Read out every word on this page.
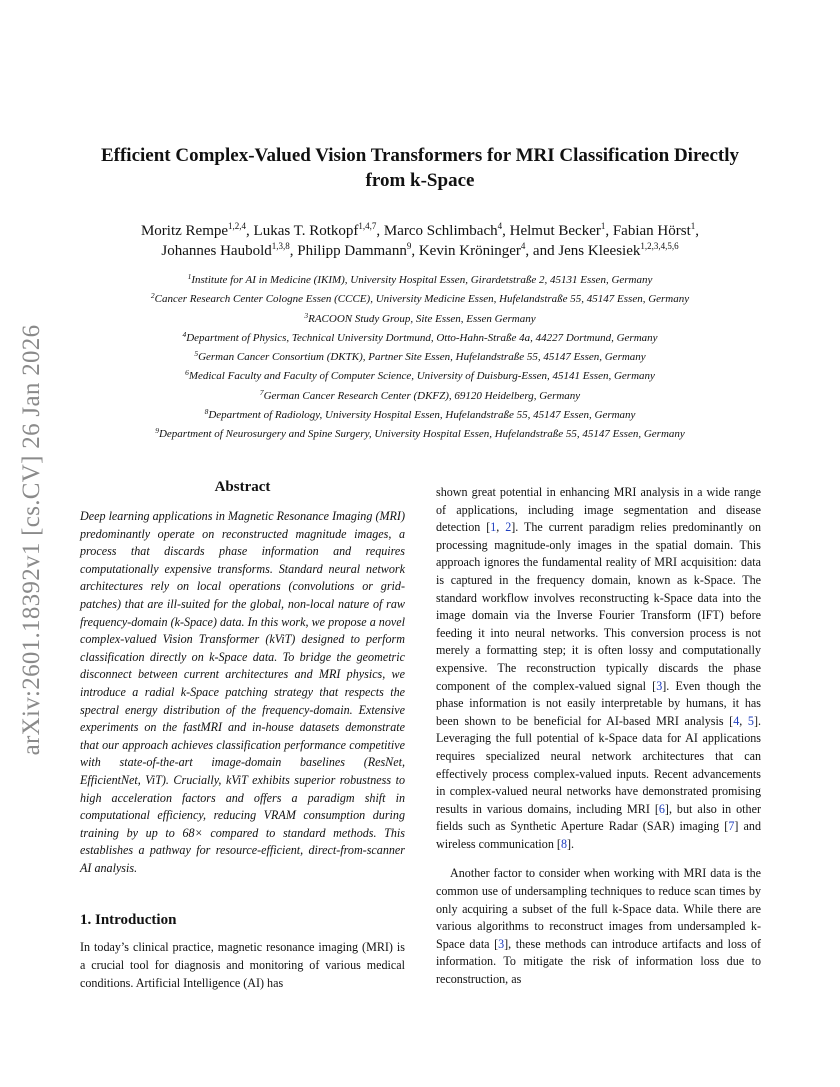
arXiv:2601.18392v1 [cs.CV] 26 Jan 2026
Efficient Complex-Valued Vision Transformers for MRI Classification Directly
from k-Space
Moritz Rempe$^{1,2,4}$, Lukas T. Rotkopf$^{1,4,7}$, Marco Schlimbach$^4$, Helmut Becker$^1$, Fabian Hörst$^1$,
Johannes Haubold$^{1,3,8}$, Philipp Dammann$^9$, Kevin Kröninger$^4$, and Jens Kleesiek$^{1,2,3,4,5,6}$
$^1$Institute for AI in Medicine (IKIM), University Hospital Essen, Girardetstraße 2, 45131 Essen, Germany
$^2$Cancer Research Center Cologne Essen (CCCE), University Medicine Essen, Hufelandstraße 55, 45147 Essen, Germany
$^3$RACOON Study Group, Site Essen, Essen Germany
$^4$Department of Physics, Technical University Dortmund, Otto-Hahn-Straße 4a, 44227 Dortmund, Germany
$^5$German Cancer Consortium (DKTK), Partner Site Essen, Hufelandstraße 55, 45147 Essen, Germany
$^6$Medical Faculty and Faculty of Computer Science, University of Duisburg-Essen, 45141 Essen, Germany
$^7$German Cancer Research Center (DKFZ), 69120 Heidelberg, Germany
$^8$Department of Radiology, University Hospital Essen, Hufelandstraße 55, 45147 Essen, Germany
$^9$Department of Neurosurgery and Spine Surgery, University Hospital Essen, Hufelandstraße 55, 45147 Essen, Germany
Abstract

Deep learning applications in Magnetic Resonance Imaging (MRI) predominantly operate on reconstructed magnitude images, a process that discards phase information and requires computationally expensive transforms. Standard neural network architectures rely on local operations (convolutions or grid-patches) that are ill-suited for the global, non-local nature of raw frequency-domain (k-Space) data. In this work, we propose a novel complex-valued Vision Transformer (kViT) designed to perform classification directly on k-Space data. To bridge the geometric disconnect between current architectures and MRI physics, we introduce a radial k-Space patching strategy that respects the spectral energy distribution of the frequency-domain. Extensive experiments on the fastMRI and in-house datasets demonstrate that our approach achieves classification performance competitive with state-of-the-art image-domain baselines (ResNet, EfficientNet, ViT). Crucially, kViT exhibits superior robustness to high acceleration factors and offers a paradigm shift in computational efficiency, reducing VRAM consumption during training by up to 68× compared to standard methods. This establishes a pathway for resource-efficient, direct-from-scanner AI analysis.

1. Introduction

In today’s clinical practice, magnetic resonance imaging (MRI) is a crucial tool for diagnosis and monitoring of various medical conditions. Artificial Intelligence (AI) has

shown great potential in enhancing MRI analysis in a wide range of applications, including image segmentation and disease detection [1, 2]. The current paradigm relies predominantly on processing magnitude-only images in the spatial domain. This approach ignores the fundamental reality of MRI acquisition: data is captured in the frequency domain, known as k-Space. The standard workflow involves reconstructing k-Space data into the image domain via the Inverse Fourier Transform (IFT) before feeding it into neural networks. This conversion process is not merely a formatting step; it is often lossy and computationally expensive. The reconstruction typically discards the phase component of the complex-valued signal [3]. Even though the phase information is not easily interpretable by humans, it has been shown to be beneficial for AI-based MRI analysis [4, 5]. Leveraging the full potential of k-Space data for AI applications requires specialized neural network architectures that can effectively process complex-valued inputs. Recent advancements in complex-valued neural networks have demonstrated promising results in various domains, including MRI [6], but also in other fields such as Synthetic Aperture Radar (SAR) imaging [7] and wireless communication [8].

Another factor to consider when working with MRI data is the common use of undersampling techniques to reduce scan times by only acquiring a subset of the full k-Space data. While there are various algorithms to reconstruct images from undersampled k-Space data [3], these methods can introduce artifacts and loss of information. To mitigate the risk of information loss due to reconstruction, as
